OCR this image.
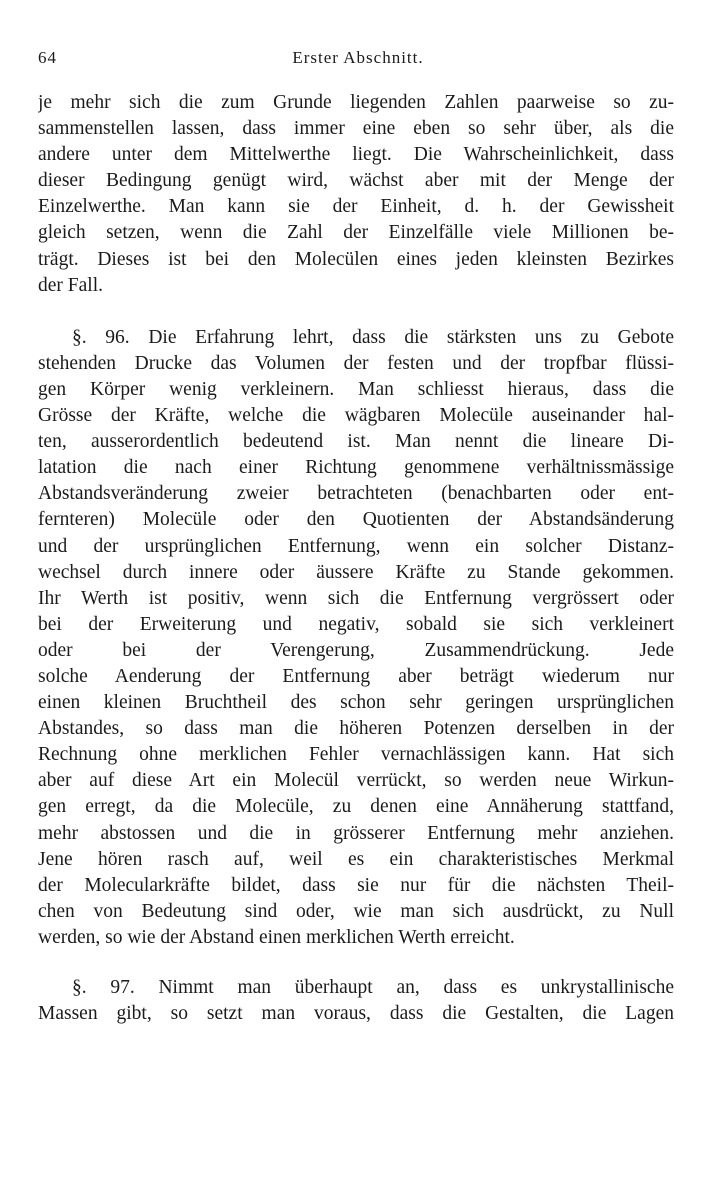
64	Erster Abschnitt.

je mehr sich die zum Grunde liegenden Zahlen paarweise so zu-
sammenstellen lassen, dass immer eine eben so sehr über, als die
andere unter dem Mittelwerthe liegt. Die Wahrscheinlichkeit, dass
dieser Bedingung genügt wird, wächst aber mit der Menge der
Einzelwerthe. Man kann sie der Einheit, d. h. der Gewissheit
gleich setzen, wenn die Zahl der Einzelfälle viele Millionen be-
trägt. Dieses ist bei den Molecülen eines jeden kleinsten Bezirkes
der Fall.

§. 96. Die Erfahrung lehrt, dass die stärksten uns zu Gebote
stehenden Drucke das Volumen der festen und der tropfbar flüssi-
gen Körper wenig verkleinern. Man schliesst hieraus, dass die
Grösse der Kräfte, welche die wägbaren Molecüle auseinander hal-
ten, ausserordentlich bedeutend ist. Man nennt die lineare Di-
latation die nach einer Richtung genommene verhältnissmässige
Abstandsveränderung zweier betrachteten (benachbarten oder ent-
fernteren) Molecüle oder den Quotienten der Abstandsänderung
und der ursprünglichen Entfernung, wenn ein solcher Distanz-
wechsel durch innere oder äussere Kräfte zu Stande gekommen.
Ihr Werth ist positiv, wenn sich die Entfernung vergrössert oder
bei der Erweiterung und negativ, sobald sie sich verkleinert
oder bei der Verengerung, Zusammendrückung. Jede
solche Aenderung der Entfernung aber beträgt wiederum nur
einen kleinen Bruchtheil des schon sehr geringen ursprünglichen
Abstandes, so dass man die höheren Potenzen derselben in der
Rechnung ohne merklichen Fehler vernachlässigen kann. Hat sich
aber auf diese Art ein Molecül verrückt, so werden neue Wirkun-
gen erregt, da die Molecüle, zu denen eine Annäherung stattfand,
mehr abstossen und die in grösserer Entfernung mehr anziehen.
Jene hören rasch auf, weil es ein charakteristisches Merkmal
der Molecularkräfte bildet, dass sie nur für die nächsten Theil-
chen von Bedeutung sind oder, wie man sich ausdrückt, zu Null
werden, so wie der Abstand einen merklichen Werth erreicht.

§. 97. Nimmt man überhaupt an, dass es unkrystallinische
Massen gibt, so setzt man voraus, dass die Gestalten, die Lagen
